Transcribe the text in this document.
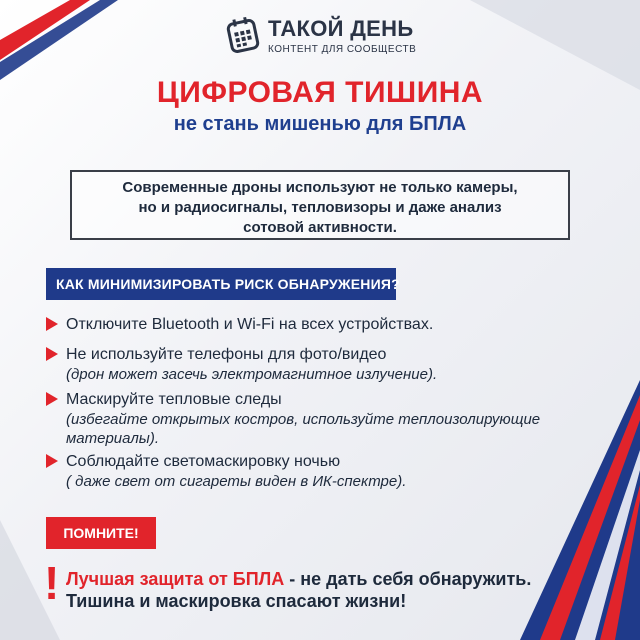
ТАКОЙ ДЕНЬ
КОНТЕНТ ДЛЯ СООБЩЕСТВ
ЦИФРОВАЯ ТИШИНА
не стань мишенью для БПЛА
Современные дроны используют не только камеры,
но и радиосигналы, тепловизоры и даже анализ
сотовой активности.
КАК МИНИМИЗИРОВАТЬ РИСК ОБНАРУЖЕНИЯ?
Отключите Bluetooth и Wi-Fi на всех устройствах.
Не используйте телефоны для фото/видео
(дрон может засечь электромагнитное излучение).
Маскируйте тепловые следы
(избегайте открытых костров, используйте теплоизолирующие
материалы).
Соблюдайте светомаскировку ночью
( даже свет от сигареты виден в ИК-спектре).
ПОМНИТЕ!
! Лучшая защита от БПЛА - не дать себя обнаружить.
Тишина и маскировка спасают жизни!
